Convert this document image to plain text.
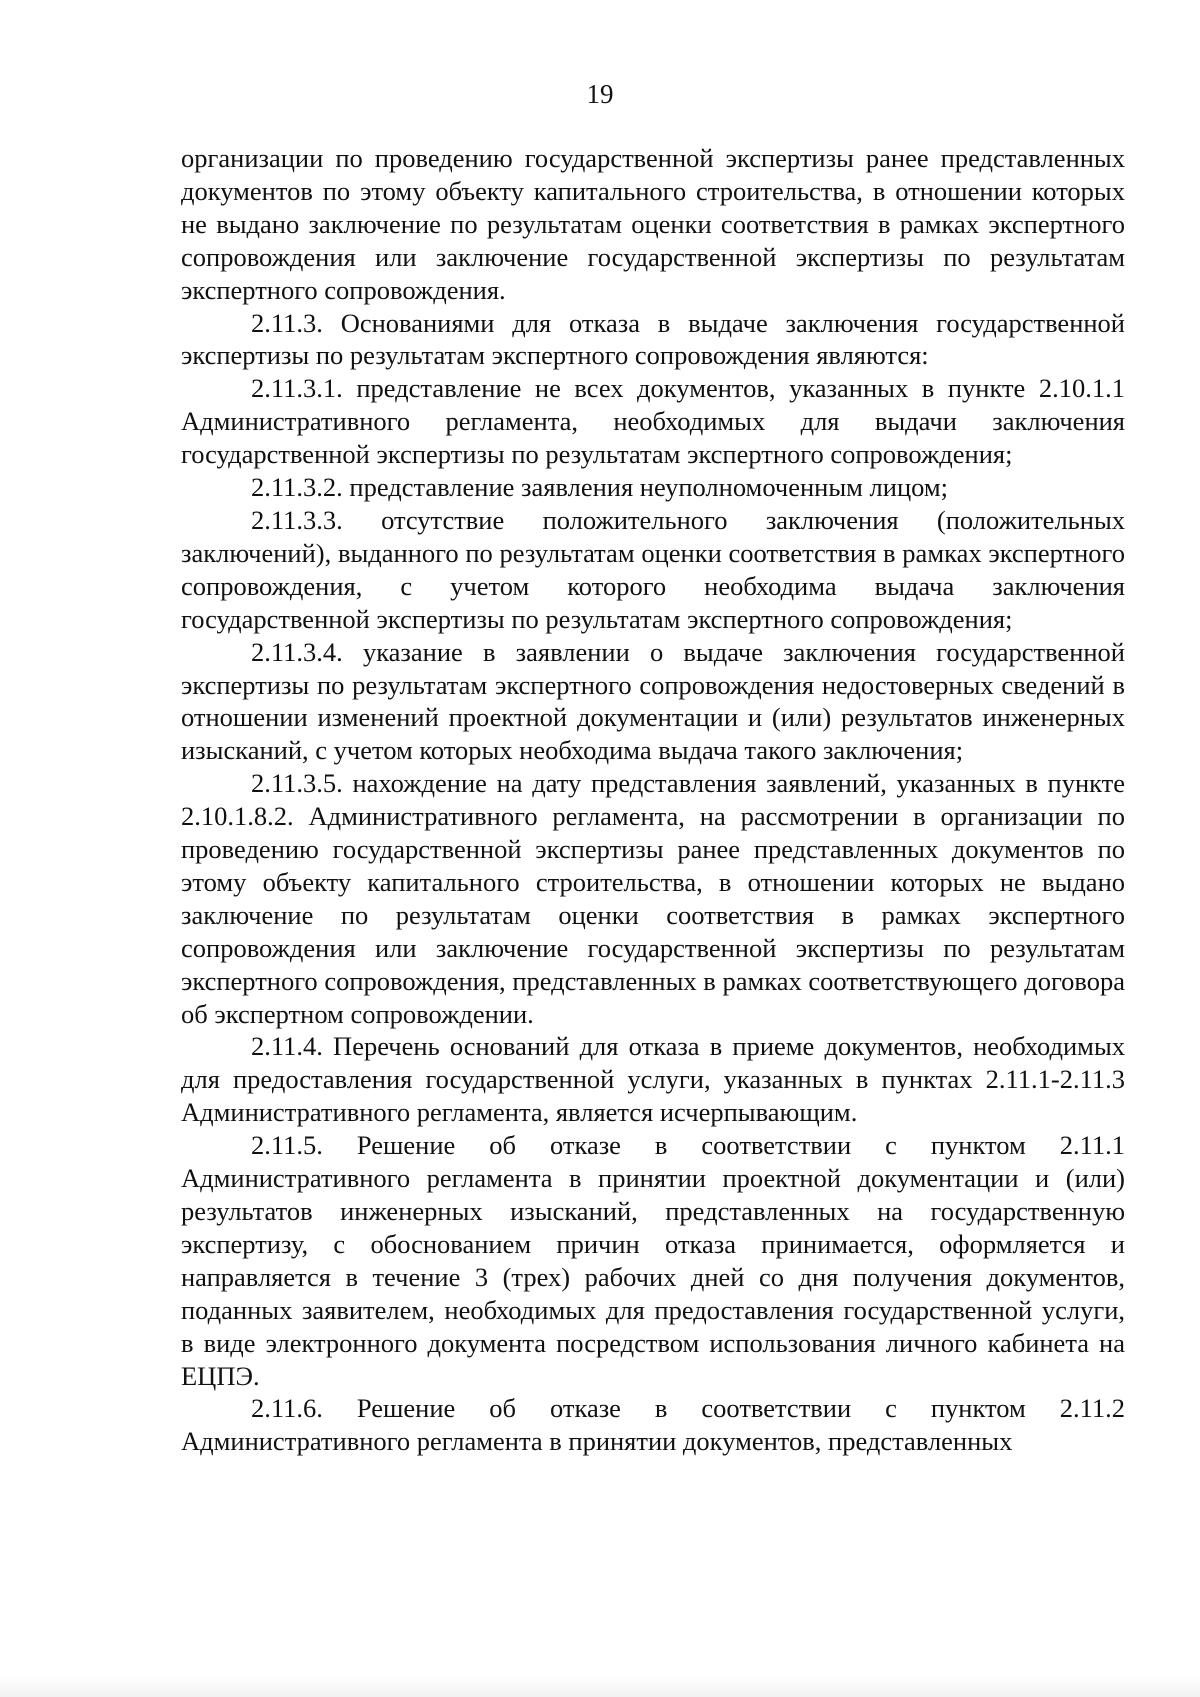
19

организации по проведению государственной экспертизы ранее представленных документов по этому объекту капитального строительства, в отношении которых не выдано заключение по результатам оценки соответствия в рамках экспертного сопровождения или заключение государственной экспертизы по результатам экспертного сопровождения.

2.11.3. Основаниями для отказа в выдаче заключения государственной экспертизы по результатам экспертного сопровождения являются:

2.11.3.1. представление не всех документов, указанных в пункте 2.10.1.1 Административного регламента, необходимых для выдачи заключения государственной экспертизы по результатам экспертного сопровождения;

2.11.3.2. представление заявления неуполномоченным лицом;

2.11.3.3. отсутствие положительного заключения (положительных заключений), выданного по результатам оценки соответствия в рамках экспертного сопровождения, с учетом которого необходима выдача заключения государственной экспертизы по результатам экспертного сопровождения;

2.11.3.4. указание в заявлении о выдаче заключения государственной экспертизы по результатам экспертного сопровождения недостоверных сведений в отношении изменений проектной документации и (или) результатов инженерных изысканий, с учетом которых необходима выдача такого заключения;

2.11.3.5. нахождение на дату представления заявлений, указанных в пункте 2.10.1.8.2. Административного регламента, на рассмотрении в организации по проведению государственной экспертизы ранее представленных документов по этому объекту капитального строительства, в отношении которых не выдано заключение по результатам оценки соответствия в рамках экспертного сопровождения или заключение государственной экспертизы по результатам экспертного сопровождения, представленных в рамках соответствующего договора об экспертном сопровождении.

2.11.4. Перечень оснований для отказа в приеме документов, необходимых для предоставления государственной услуги, указанных в пунктах 2.11.1-2.11.3 Административного регламента, является исчерпывающим.

2.11.5. Решение об отказе в соответствии с пунктом 2.11.1 Административного регламента в принятии проектной документации и (или) результатов инженерных изысканий, представленных на государственную экспертизу, с обоснованием причин отказа принимается, оформляется и направляется в течение 3 (трех) рабочих дней со дня получения документов, поданных заявителем, необходимых для предоставления государственной услуги, в виде электронного документа посредством использования личного кабинета на ЕЦПЭ.

2.11.6. Решение об отказе в соответствии с пунктом 2.11.2 Административного регламента в принятии документов, представленных
